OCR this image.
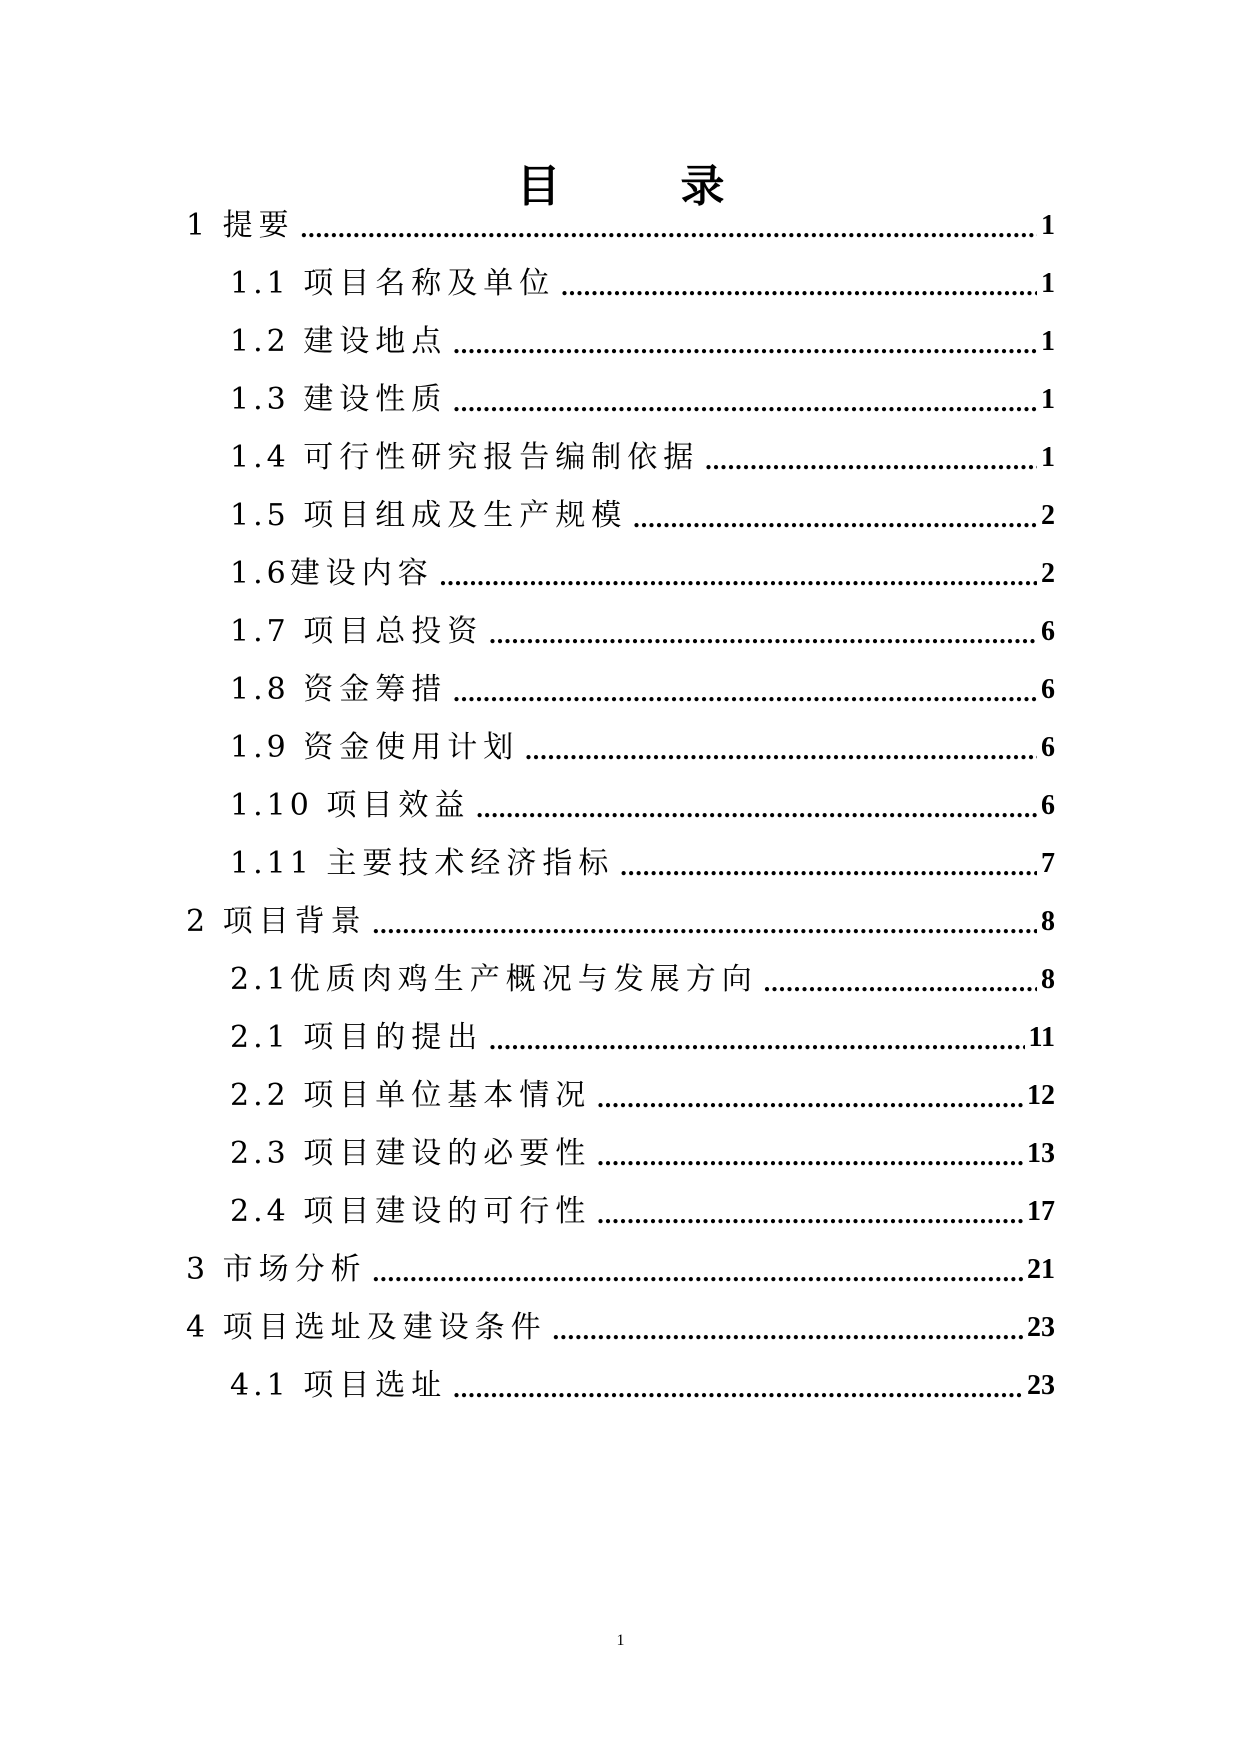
目	录
1 提要 .....	1
1.1 项目名称及单位 .....	1
1.2 建设地点 .....	1
1.3 建设性质 .....	1
1.4 可行性研究报告编制依据 .....	1
1.5 项目组成及生产规模 .....	2
1.6 建设内容 .....	2
1.7 项目总投资 .....	6
1.8 资金筹措 .....	6
1.9 资金使用计划 .....	6
1.10 项目效益 .....	6
1.11 主要技术经济指标 .....	7
2 项目背景 .....	8
2.1 优质肉鸡生产概况与发展方向 .....	8
2.1 项目的提出 .....	11
2.2 项目单位基本情况 .....	12
2.3 项目建设的必要性 .....	13
2.4 项目建设的可行性 .....	17
3 市场分析 .....	21
4 项目选址及建设条件 .....	23
4.1 项目选址 .....	23
1
